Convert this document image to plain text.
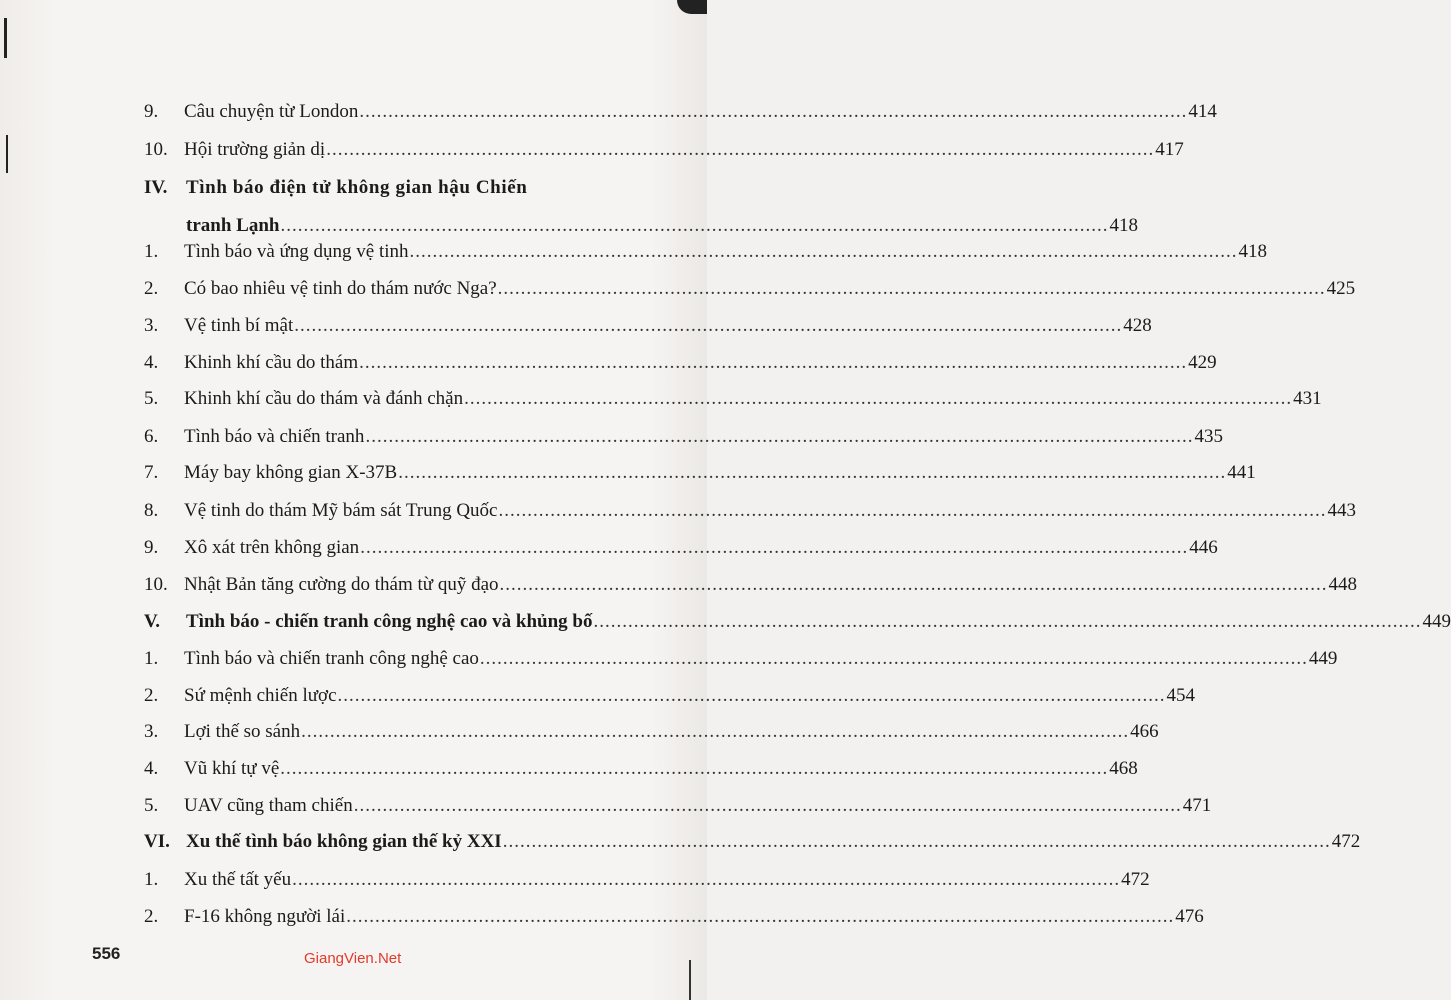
9. Câu chuyện từ London ................................................................................................................................................ 414
10. Hội trường giản dị ................................................................................................................................................ 417
IV. Tình báo điện tử không gian hậu Chiến
tranh Lạnh ................................................................................................................................................ 418
1. Tình báo và ứng dụng vệ tinh ................................................................................................................................................ 418
2. Có bao nhiêu vệ tinh do thám nước Nga? ................................................................................................................................................ 425
3. Vệ tinh bí mật ................................................................................................................................................ 428
4. Khinh khí cầu do thám ................................................................................................................................................ 429
5. Khinh khí cầu do thám và đánh chặn ................................................................................................................................................ 431
6. Tình báo và chiến tranh ................................................................................................................................................ 435
7. Máy bay không gian X-37B ................................................................................................................................................ 441
8. Vệ tinh do thám Mỹ bám sát Trung Quốc ................................................................................................................................................ 443
9. Xô xát trên không gian ................................................................................................................................................ 446
10. Nhật Bản tăng cường do thám từ quỹ đạo ................................................................................................................................................ 448
V. Tình báo - chiến tranh công nghệ cao và khủng bố ................................................................................................................................................ 449
1. Tình báo và chiến tranh công nghệ cao ................................................................................................................................................ 449
2. Sứ mệnh chiến lược ................................................................................................................................................ 454
3. Lợi thế so sánh ................................................................................................................................................ 466
4. Vũ khí tự vệ ................................................................................................................................................ 468
5. UAV cũng tham chiến ................................................................................................................................................ 471
VI. Xu thế tình báo không gian thế kỷ XXI ................................................................................................................................................ 472
1. Xu thế tất yếu ................................................................................................................................................ 472
2. F-16 không người lái ................................................................................................................................................ 476
556	GiangVien.Net
